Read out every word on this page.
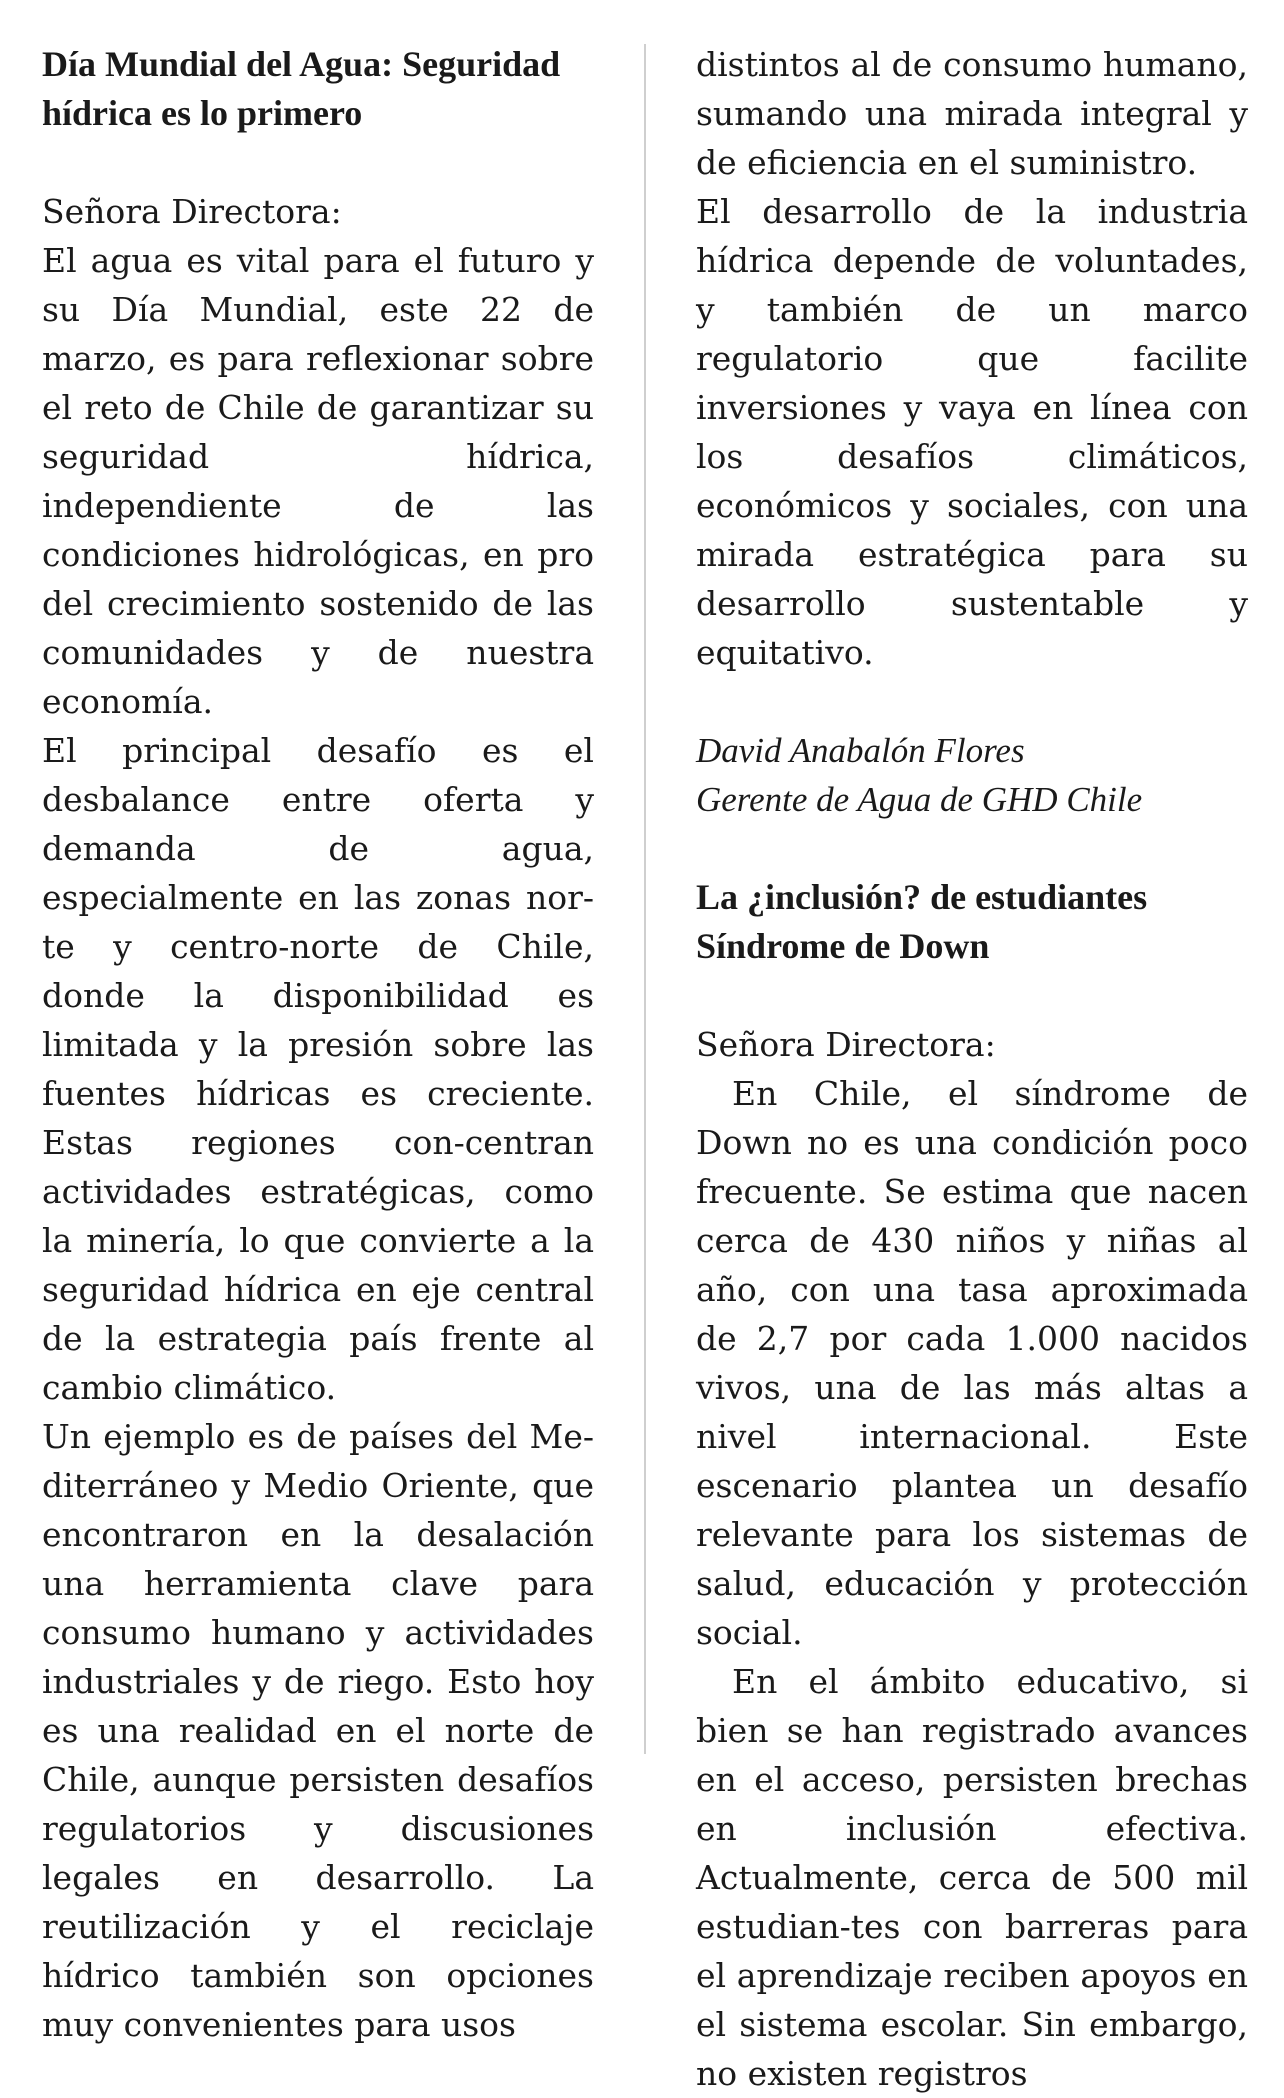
Día Mundial del Agua: Seguridad hídrica es lo primero

Señora Directora:

El agua es vital para el futuro y su Día Mundial, este 22 de marzo, es para reflexionar sobre el reto de Chile de garantizar su seguridad hídrica, independiente de las condiciones hidrológicas, en pro del crecimiento sostenido de las comunidades y de nuestra economía.

El principal desafío es el desbalance entre oferta y demanda de agua, especialmente en las zonas nor-te y centro-norte de Chile, donde la disponibilidad es limitada y la presión sobre las fuentes hídricas es creciente. Estas regiones con-centran actividades estratégicas, como la minería, lo que convierte a la seguridad hídrica en eje central de la estrategia país frente al cambio climático.

Un ejemplo es de países del Me-diterráneo y Medio Oriente, que encontraron en la desalación una herramienta clave para consumo humano y actividades industriales y de riego. Esto hoy es una realidad en el norte de Chile, aunque persisten desafíos regulatorios y discusiones legales en desarrollo. La reutilización y el reciclaje hídrico también son opciones muy convenientes para usos

distintos al de consumo humano, sumando una mirada integral y de eficiencia en el suministro.

El desarrollo de la industria hídrica depende de voluntades, y también de un marco regulatorio que facilite inversiones y vaya en línea con los desafíos climáticos, económicos y sociales, con una mirada estratégica para su desarrollo sustentable y equitativo.

David Anabalón Flores

Gerente de Agua de GHD Chile

La ¿inclusión? de estudiantes Síndrome de Down

Señora Directora:

En Chile, el síndrome de Down no es una condición poco frecuente. Se estima que nacen cerca de 430 niños y niñas al año, con una tasa aproximada de 2,7 por cada 1.000 nacidos vivos, una de las más altas a nivel internacional. Este escenario plantea un desafío relevante para los sistemas de salud, educación y protección social.

En el ámbito educativo, si bien se han registrado avances en el acceso, persisten brechas en inclusión efectiva. Actualmente, cerca de 500 mil estudian-tes con barreras para el aprendizaje reciben apoyos en el sistema escolar. Sin embargo, no existen registros
